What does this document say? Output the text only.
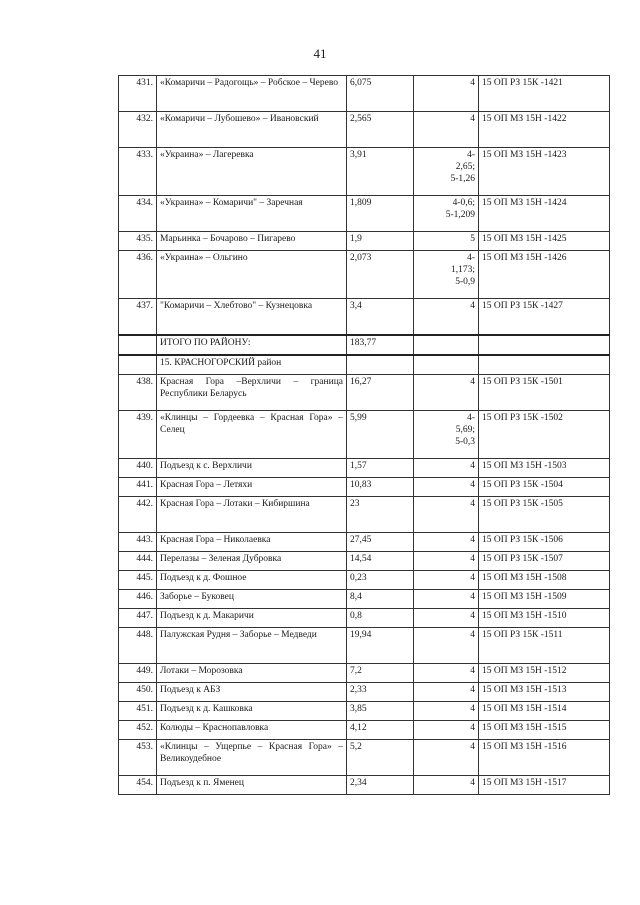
41
431.	«Комаричи – Радогощь» – Робское – Черево	6,075	4	15 ОП РЗ 15К -1421
432.	«Комаричи – Лубошево» – Ивановский	2,565	4	15 ОП МЗ 15Н -1422
433.	«Украина» – Лагеревка	3,91	4-
2,65;
5-1,26	15 ОП МЗ 15Н -1423
434.	«Украина» – Комаричи" – Заречная	1,809	4-0,6;
5-1,209	15 ОП МЗ 15Н -1424
435.	Марьинка – Бочарово – Пигарево	1,9	5	15 ОП МЗ 15Н -1425
436.	«Украина» – Ольгино	2,073	4-
1,173;
5-0,9	15 ОП МЗ 15Н -1426
437.	"Комаричи – Хлебтово" – Кузнецовка	3,4	4	15 ОП РЗ 15К -1427
	ИТОГО ПО РАЙОНУ:	183,77	

	15. КРАСНОГОРСКИЙ район		

438.	Красная Гора –Верхличи – граница Республики Беларусь	16,27	4	15 ОП РЗ 15К -1501
439.	«Клинцы – Гордеевка – Красная Гора» – Селец	5,99	4-
5,69;
5-0,3	15 ОП РЗ 15К -1502
440.	Подъезд к с. Верхличи	1,57	4	15 ОП МЗ 15Н -1503
441.	Красная Гора – Летяхи	10,83	4	15 ОП РЗ 15К -1504
442.	Красная Гора – Лотаки – Кибиршина	23	4	15 ОП РЗ 15К -1505
443.	Красная Гора – Николаевка	27,45	4	15 ОП РЗ 15К -1506
444.	Перелазы – Зеленая Дубровка	14,54	4	15 ОП РЗ 15К -1507
445.	Подъезд к д. Фошное	0,23	4	15 ОП МЗ 15Н -1508
446.	Заборье – Буковец	8,4	4	15 ОП МЗ 15Н -1509
447.	Подъезд к д. Макаричи	0,8	4	15 ОП МЗ 15Н -1510
448.	Палужская Рудня – Заборье – Медведи	19,94	4	15 ОП РЗ 15К -1511
449.	Лотаки – Морозовка	7,2	4	15 ОП МЗ 15Н -1512
450.	Подъезд к АБЗ	2,33	4	15 ОП МЗ 15Н -1513
451.	Подъезд к д. Кашковка	3,85	4	15 ОП МЗ 15Н -1514
452.	Колюды – Краснопавловка	4,12	4	15 ОП МЗ 15Н -1515
453.	«Клинцы – Ущерпье – Красная Гора» – Великоудебное	5,2	4	15 ОП МЗ 15Н -1516
454.	Подъезд к п. Яменец	2,34	4	15 ОП МЗ 15Н -1517
